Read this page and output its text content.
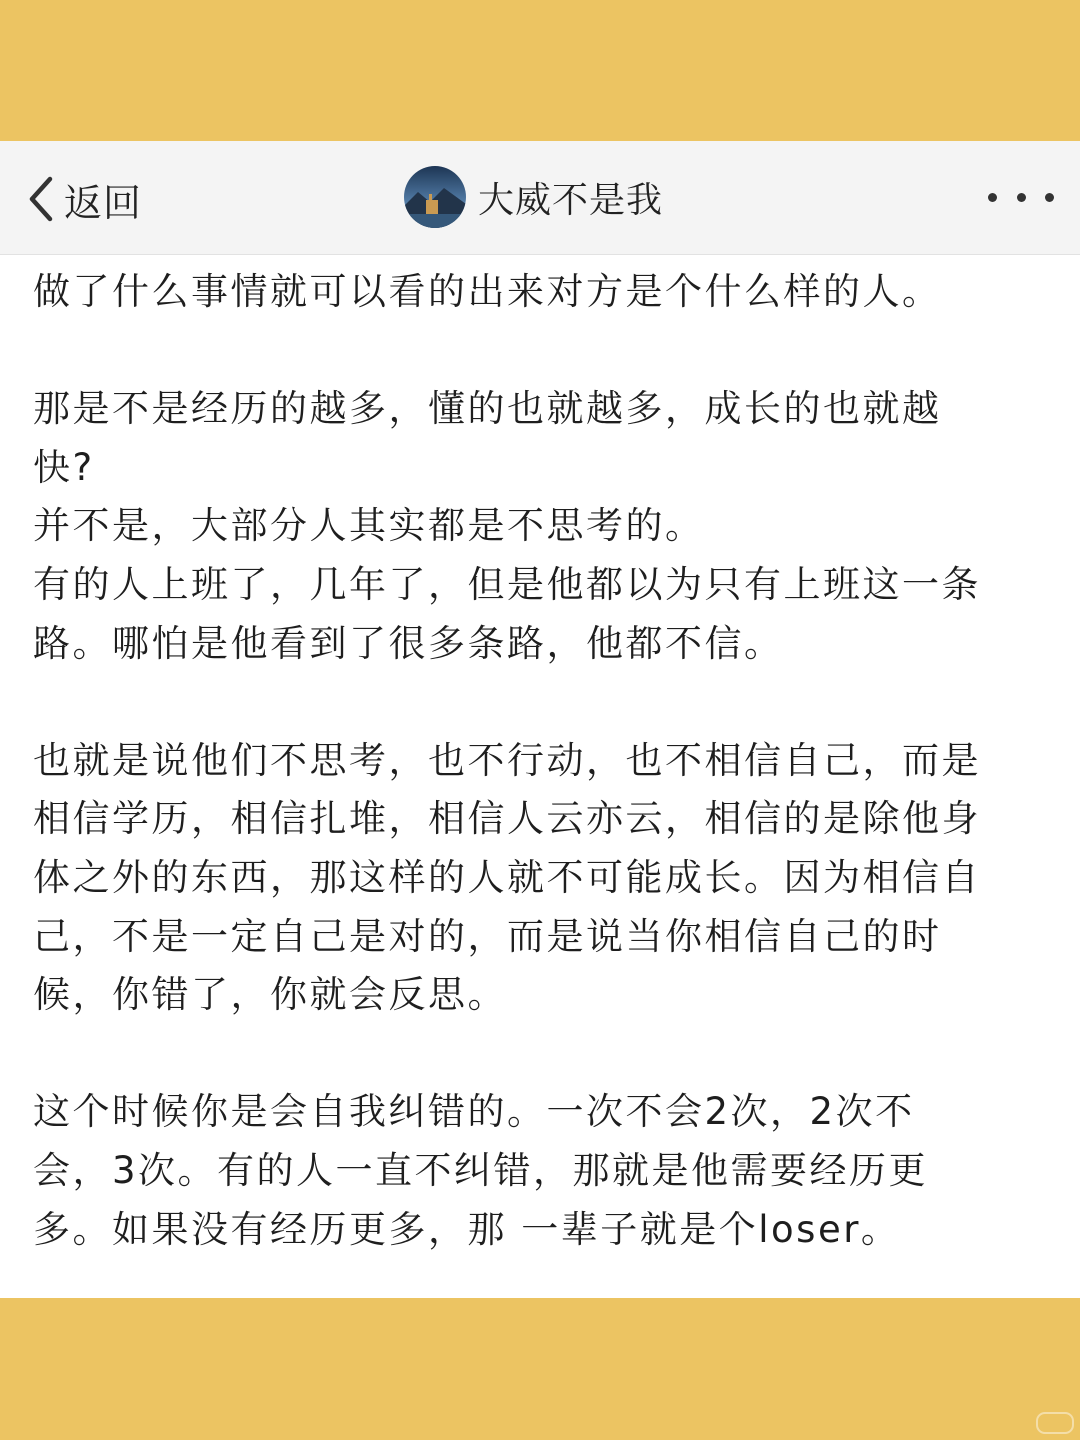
返回	大威不是我

做了什么事情就可以看的出来对方是个什么样的人。

那是不是经历的越多，懂的也就越多，成长的也就越

快?

并不是，大部分人其实都是不思考的。

有的人上班了，几年了，但是他都以为只有上班这一条

路。哪怕是他看到了很多条路，他都不信。

也就是说他们不思考，也不行动，也不相信自己，而是

相信学历，相信扎堆，相信人云亦云，相信的是除他身

体之外的东西，那这样的人就不可能成长。因为相信自

己，不是一定自己是对的，而是说当你相信自己的时

候，你错了，你就会反思。

这个时候你是会自我纠错的。一次不会2次，2次不

会，3次。有的人一直不纠错，那就是他需要经历更

多。如果没有经历更多，那 一辈子就是个loser。
